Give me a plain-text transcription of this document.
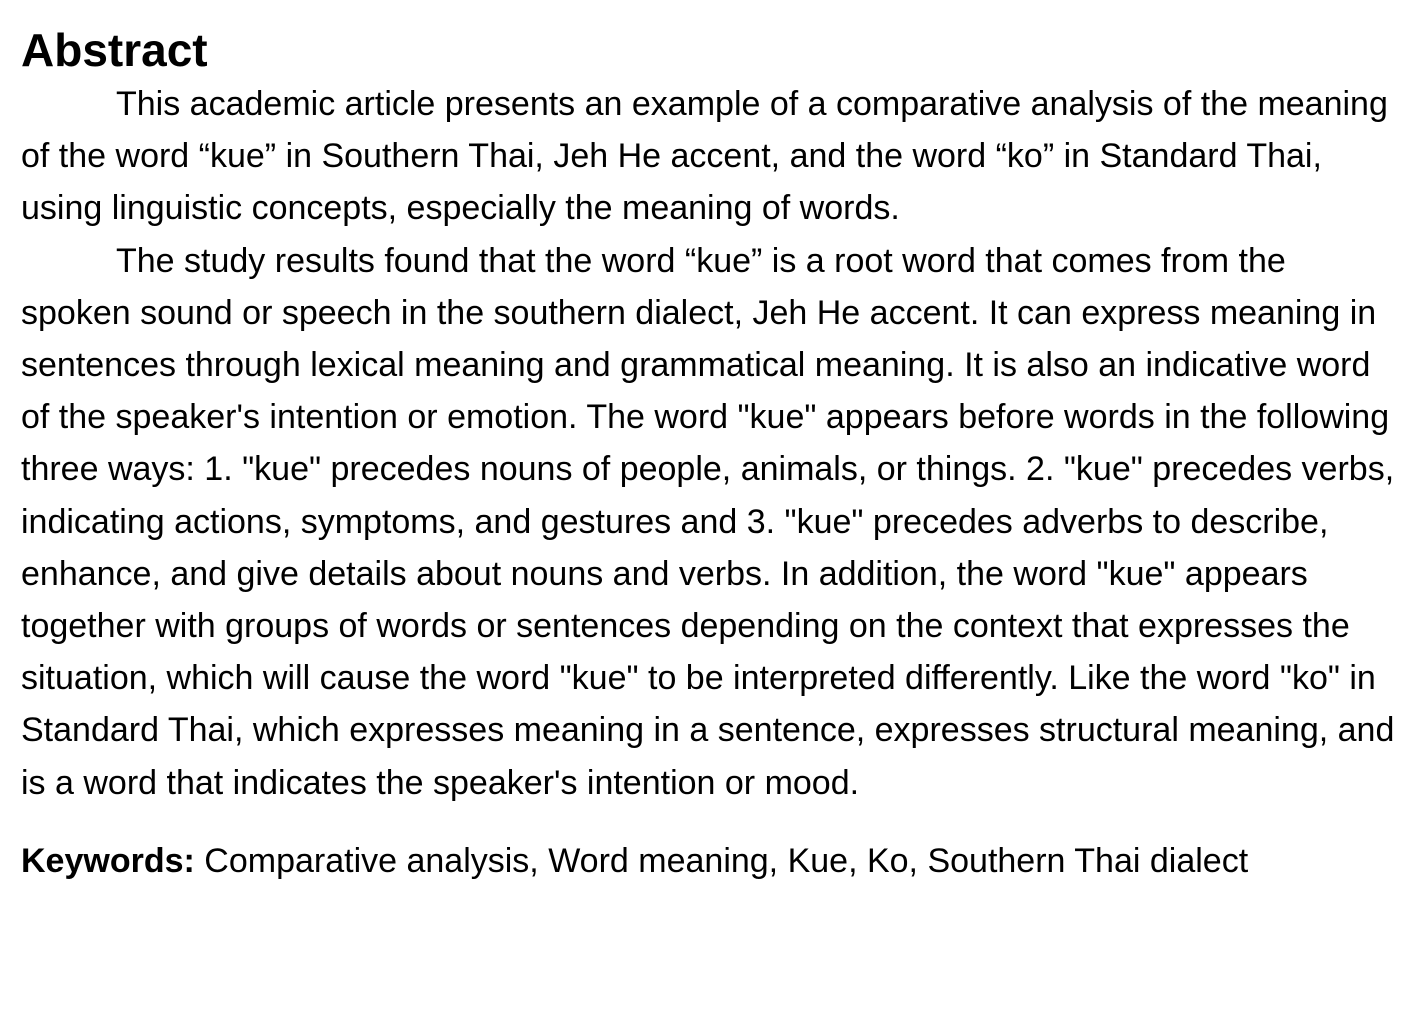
Abstract

This academic article presents an example of a comparative analysis of the meaning of the word “kue” in Southern Thai, Jeh He accent, and the word “ko” in Standard Thai, using linguistic concepts, especially the meaning of words.

The study results found that the word “kue” is a root word that comes from the spoken sound or speech in the southern dialect, Jeh He accent. It can express meaning in sentences through lexical meaning and grammatical meaning. It is also an indicative word of the speaker's intention or emotion. The word "kue" appears before words in the following three ways: 1. "kue" precedes nouns of people, animals, or things. 2. "kue" precedes verbs, indicating actions, symptoms, and gestures and 3. "kue" precedes adverbs to describe, enhance, and give details about nouns and verbs. In addition, the word "kue" appears together with groups of words or sentences depending on the context that expresses the situation, which will cause the word "kue" to be interpreted differently. Like the word "ko" in Standard Thai, which expresses meaning in a sentence, expresses structural meaning, and is a word that indicates the speaker's intention or mood.

Keywords: Comparative analysis, Word meaning, Kue, Ko, Southern Thai dialect
